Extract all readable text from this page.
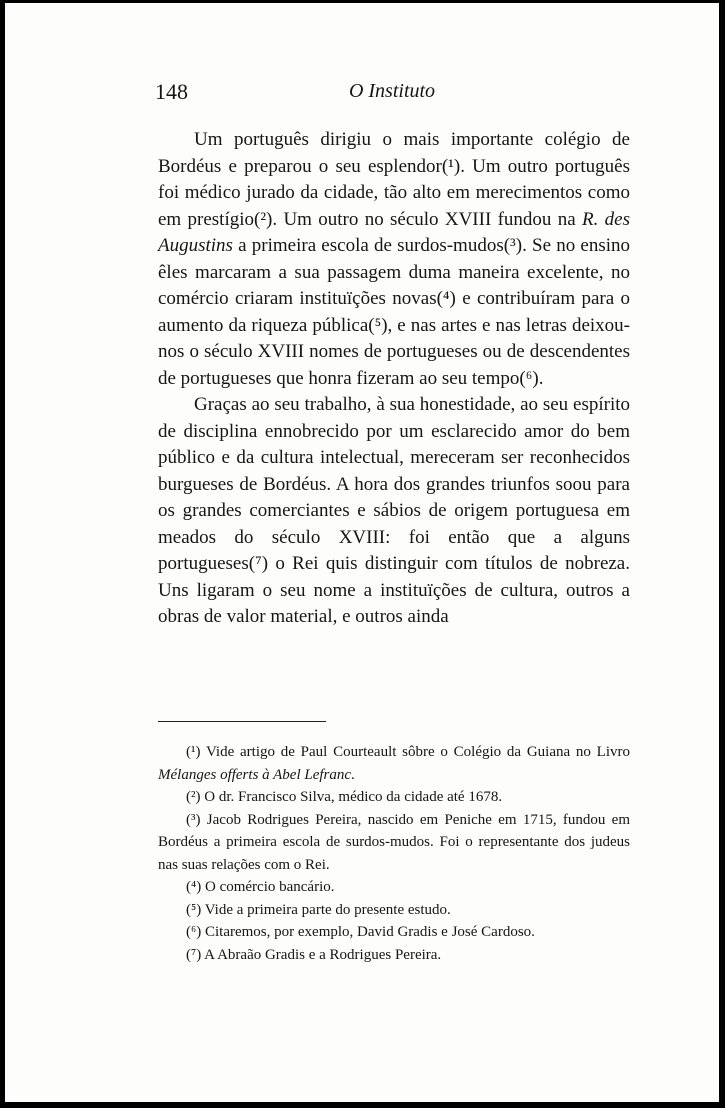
148	O Instituto

Um português dirigiu o mais importante colégio de Bordéus e preparou o seu esplendor(¹). Um outro português foi médico jurado da cidade, tão alto em merecimentos como em prestígio(²). Um outro no século XVIII fundou na R. des Augustins a primeira escola de surdos-mudos(³). Se no ensino êles marcaram a sua passagem duma maneira excelente, no comércio criaram instituïções novas(⁴) e contribuíram para o aumento da riqueza pública(⁵), e nas artes e nas letras deixou-nos o século XVIII nomes de portugueses ou de descendentes de portugueses que honra fizeram ao seu tempo(⁶).

Graças ao seu trabalho, à sua honestidade, ao seu espírito de disciplina ennobrecido por um esclarecido amor do bem público e da cultura intelectual, mereceram ser reconhecidos burgueses de Bordéus. A hora dos grandes triunfos soou para os grandes comerciantes e sábios de origem portuguesa em meados do século XVIII: foi então que a alguns portugueses(⁷) o Rei quis distinguir com títulos de nobreza. Uns ligaram o seu nome a instituïções de cultura, outros a obras de valor material, e outros ainda

(¹) Vide artigo de Paul Courteault sôbre o Colégio da Guiana no Livro Mélanges offerts à Abel Lefranc.

(²) O dr. Francisco Silva, médico da cidade até 1678.

(³) Jacob Rodrigues Pereira, nascido em Peniche em 1715, fundou em Bordéus a primeira escola de surdos-mudos. Foi o representante dos judeus nas suas relações com o Rei.

(⁴) O comércio bancário.

(⁵) Vide a primeira parte do presente estudo.

(⁶) Citaremos, por exemplo, David Gradis e José Cardoso.

(⁷) A Abraão Gradis e a Rodrigues Pereira.
